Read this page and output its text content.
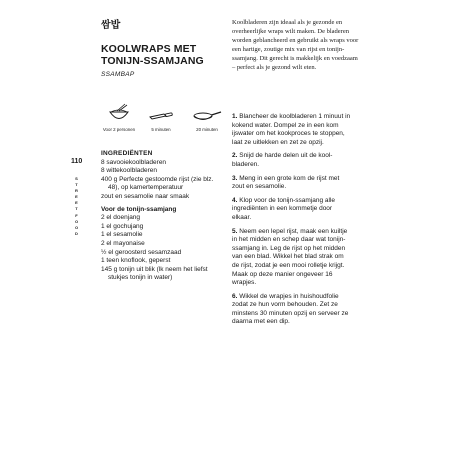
쌈밥
KOOLWRAPS MET TONIJN-SSAMJANG
SSAMBAP

Koolbladeren zijn ideaal als je gezonde en overheerlijke wraps wilt maken. De bladeren worden geblancheerd en gebruikt als wraps voor een hartige, zoutige mix van rijst en tonijn-ssamjang. Dit gerecht is makkelijk en voedzaam – perfect als je gezond wilt eten.

Voor 2 personen	5 minuten	20 minuten
110
S
T
R
E
E
T
F
O
O
D
INGREDIËNTEN
8 savooiekoolbladeren
8 wittekoolbladeren
400 g Perfecte gestoomde rijst (zie blz. 48), op kamertemperatuur
zout en sesamolie naar smaak
Voor de tonijn-ssamjang
2 el doenjang
1 el gochujang
1 el sesamolie
2 el mayonaise
½ el geroosterd sesamzaad
1 teen knoflook, geperst
145 g tonijn uit blik (lk neem het liefst stukjes tonijn in water)

1. Blancheer de koolbladeren 1 minuut in kokend water. Dompel ze in een kom ijswater om het kookproces te stoppen, laat ze uitlekken en zet ze opzij.

2. Snijd de harde delen uit de kool-bladeren.

3. Meng in een grote kom de rijst met zout en sesamolie.

4. Klop voor de tonijn-ssamjang alle ingrediënten in een kommetje door elkaar.

5. Neem een lepel rijst, maak een kuiltje in het midden en schep daar wat tonijn-ssamjang in. Leg de rijst op het midden van een blad. Wikkel het blad strak om de rijst, zodat je een mooi rolletje krijgt. Maak op deze manier ongeveer 16 wrapjes.

6. Wikkel de wrapjes in huishoudfolie zodat ze hun vorm behouden. Zet ze minstens 30 minuten opzij en serveer ze daarna met een dip.
